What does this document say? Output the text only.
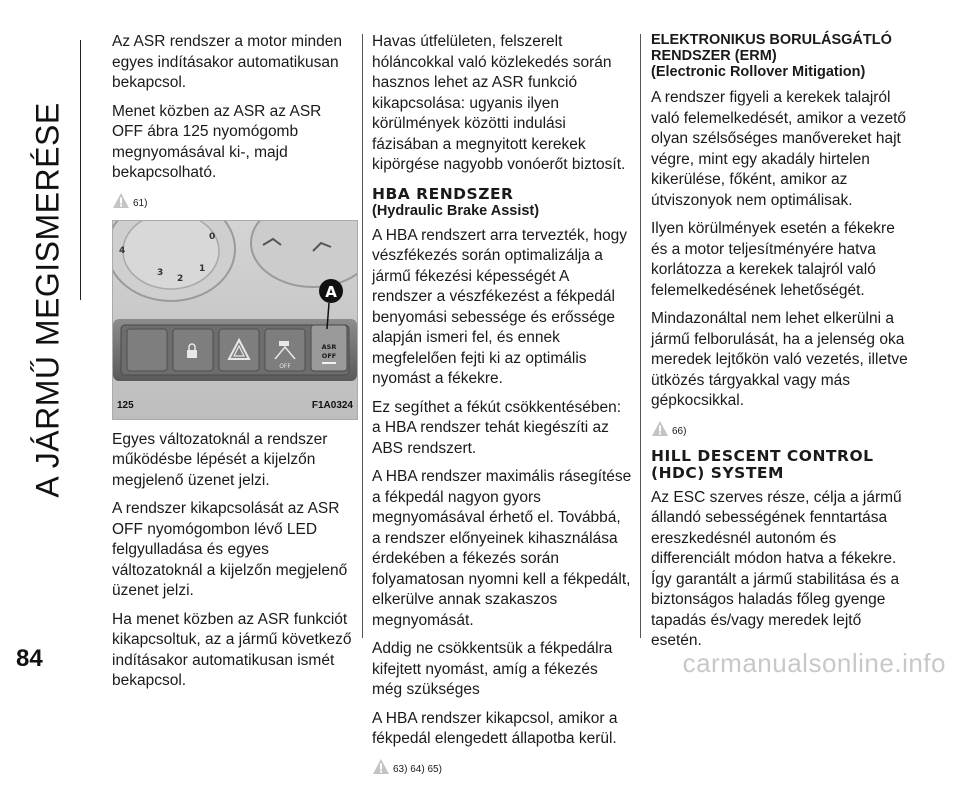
A JÁRMŰ MEGISMERÉSE
84

Az ASR rendszer a motor minden egyes indításakor automatikusan bekapcsol.

Menet közben az ASR az ASR OFF ábra 125 nyomógomb megnyomásával ki-, majd bekapcsolható.

61)
OFF
ASR
OFF
4
3
2
1
0
A
125	F1A0324

Egyes változatoknál a rendszer működésbe lépését a kijelzőn megjelenő üzenet jelzi.

A rendszer kikapcsolását az ASR OFF nyomógombon lévő LED felgyulladása és egyes változatoknál a kijelzőn megjelenő üzenet jelzi.

Ha menet közben az ASR funkciót kikapcsoltuk, az a jármű következő indításakor automatikusan ismét bekapcsol.

Havas útfelületen, felszerelt hóláncokkal való közlekedés során hasznos lehet az ASR funkció kikapcsolása: ugyanis ilyen körülmények közötti indulási fázisában a megnyitott kerekek kipörgése nagyobb vonóerőt biztosít.

HBA RENDSZER
(Hydraulic Brake Assist)

A HBA rendszert arra tervezték, hogy vészfékezés során optimalizálja a jármű fékezési képességét A rendszer a vészfékezést a fékpedál benyomási sebessége és erőssége alapján ismeri fel, és ennek megfelelően fejti ki az optimális nyomást a fékekre.

Ez segíthet a fékút csökkentésében: a HBA rendszer tehát kiegészíti az ABS rendszert.

A HBA rendszer maximális rásegítése a fékpedál nagyon gyors megnyomásával érhető el. Továbbá, a rendszer előnyeinek kihasználása érdekében a fékezés során folyamatosan nyomni kell a fékpedált, elkerülve annak szakaszos megnyomását.

Addig ne csökkentsük a fékpedálra kifejtett nyomást, amíg a fékezés még szükséges

A HBA rendszer kikapcsol, amikor a fékpedál elengedett állapotba kerül.

63) 64) 65)
ELEKTRONIKUS BORULÁSGÁTLÓ
RENDSZER (ERM)
(Electronic Rollover Mitigation)

A rendszer figyeli a kerekek talajról való felemelkedését, amikor a vezető olyan szélsőséges manővereket hajt végre, mint egy akadály hirtelen kikerülése, főként, amikor az útviszonyok nem optimálisak.

Ilyen körülmények esetén a fékekre és a motor teljesítményére hatva korlátozza a kerekek talajról való felemelkedésének lehetőségét.

Mindazonáltal nem lehet elkerülni a jármű felborulását, ha a jelenség oka meredek lejtőkön való vezetés, illetve ütközés tárgyakkal vagy más gépkocsikkal.

66)
HILL DESCENT CONTROL
(HDC) SYSTEM

Az ESC szerves része, célja a jármű állandó sebességének fenntartása ereszkedésnél autonóm és differenciált módon hatva a fékekre. Így garantált a jármű stabilitása és a biztonságos haladás főleg gyenge tapadás és/vagy meredek lejtő esetén.

carmanualsonline.info
